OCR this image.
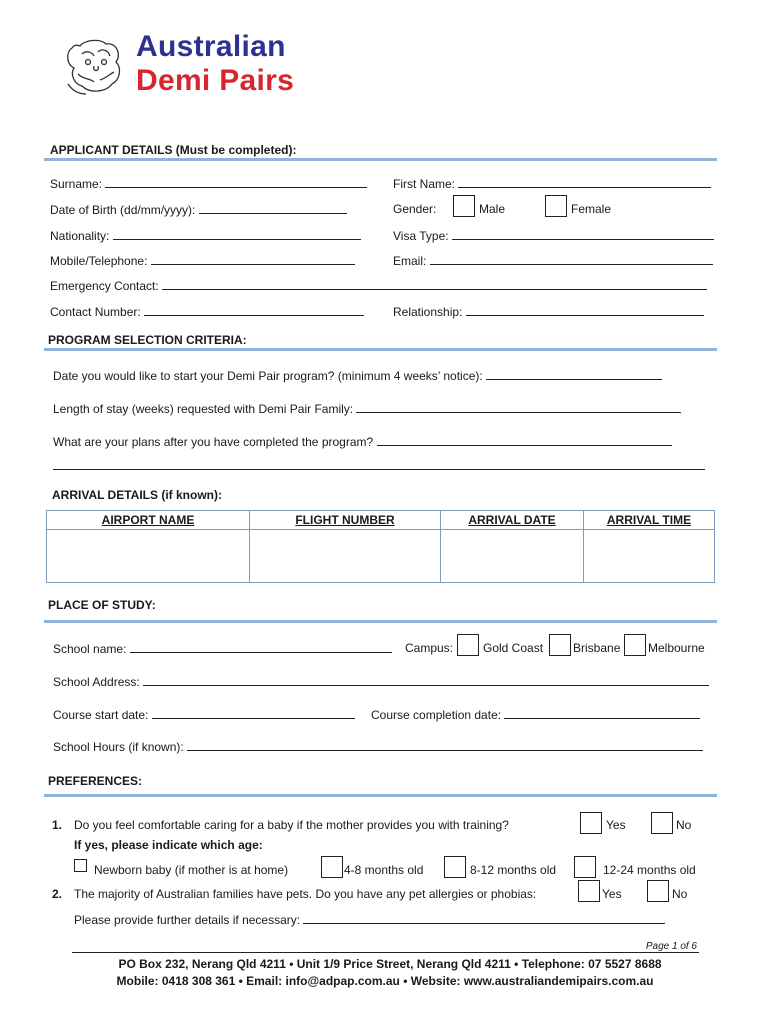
Australian
Demi Pairs
APPLICANT DETAILS (Must be completed):
Surname:	First Name:
Date of Birth (dd/mm/yyyy):	Gender:	Male	Female
Nationality:	Visa Type:
Mobile/Telephone:	Email:
Emergency Contact:
Contact Number:	Relationship:
PROGRAM SELECTION CRITERIA:
Date you would like to start your Demi Pair program? (minimum 4 weeks’ notice):
Length of stay (weeks) requested with Demi Pair Family:
What are your plans after you have completed the program?
ARRIVAL DETAILS (if known):
AIRPORT NAME	FLIGHT NUMBER	ARRIVAL DATE	ARRIVAL TIME

PLACE OF STUDY:
School name:	Campus: Gold Coast Brisbane Melbourne
School Address:
Course start date:	Course completion date:
School Hours (if known):
PREFERENCES:
1. Do you feel comfortable caring for a baby if the mother provides you with training?	Yes	No
If yes, please indicate which age:
Newborn baby (if mother is at home)	4-8 months old	8-12 months old	12-24 months old
2. The majority of Australian families have pets. Do you have any pet allergies or phobias:	Yes	No
Please provide further details if necessary:
Page 1 of 6
PO Box 232, Nerang Qld 4211 • Unit 1/9 Price Street, Nerang Qld 4211 • Telephone: 07 5527 8688
Mobile: 0418 308 361 • Email: info@adpap.com.au • Website: www.australiandemipairs.com.au
